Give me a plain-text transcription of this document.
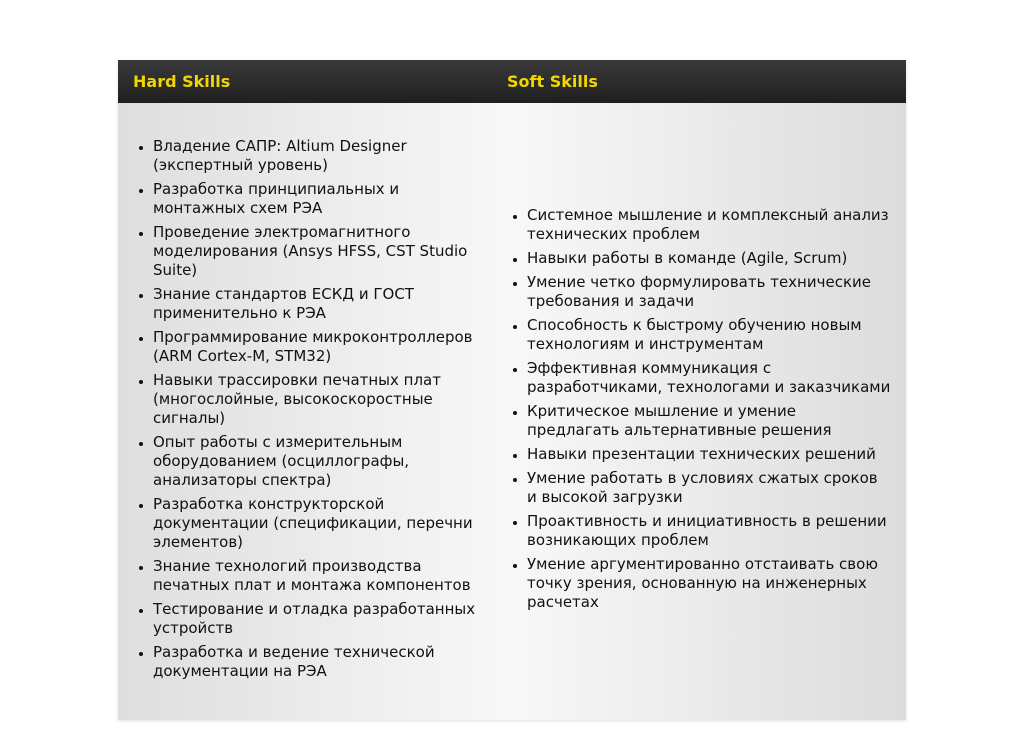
Hard Skills	Soft Skills
• Владение САПР: Altium Designer (экспертный уровень)
• Разработка принципиальных и монтажных схем РЭА
• Проведение электромагнитного моделирования (Ansys HFSS, CST Studio Suite)
• Знание стандартов ЕСКД и ГОСТ применительно к РЭА
• Программирование микроконтроллеров (ARM Cortex-M, STM32)
• Навыки трассировки печатных плат (многослойные, высокоскоростные сигналы)
• Опыт работы с измерительным оборудованием (осциллографы, анализаторы спектра)
• Разработка конструкторской документации (спецификации, перечни элементов)
• Знание технологий производства печатных плат и монтажа компонентов
• Тестирование и отладка разработанных устройств
• Разработка и ведение технической документации на РЭА
• Системное мышление и комплексный анализ технических проблем
• Навыки работы в команде (Agile, Scrum)
• Умение четко формулировать технические требования и задачи
• Способность к быстрому обучению новым технологиям и инструментам
• Эффективная коммуникация с разработчиками, технологами и заказчиками
• Критическое мышление и умение предлагать альтернативные решения
• Навыки презентации технических решений
• Умение работать в условиях сжатых сроков и высокой загрузки
• Проактивность и инициативность в решении возникающих проблем
• Умение аргументированно отстаивать свою точку зрения, основанную на инженерных расчетах
